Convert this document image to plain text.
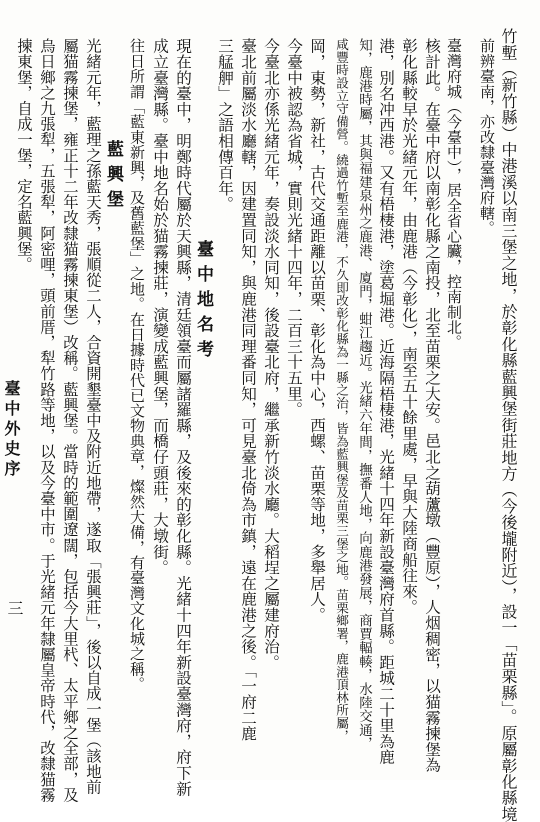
竹塹（新竹縣）中港溪以南三堡之地，於彰化縣藍興堡街莊地方（今後壠附近），設一「苗栗縣」。原屬彰化縣境
前辨臺南，亦改隸臺灣府轄。
臺灣府城（今臺中），居全省心臟，控南制北。
核計此。在臺中府以南彰化縣之南投，北至苗栗之大安。邑北之葫蘆墩（豐原），人烟稠密，以猫霧揀堡為
彰化縣較早於光緒元年，由鹿港（今彰化），南至五十餘里處，早與大陸商船往來。
港，別名冲西港。又有梧棲港，塗葛堀港。近海隔梧棲港，光緒十四年新設臺灣府首縣。距城二十里為鹿
知，鹿港時屬，其與福建泉州之鹿港、廈門，蚶江趨近。光緒六年間，撫番人地，向鹿港發展，商賈輻輳，水陸交通，
咸豐時設立守備營。繞過竹塹至鹿港，不久即改彰化縣為一縣之治，皆為藍興堡及苗栗三堡之地。苗栗鄉署，鹿港頂林所屬，
岡，東勢，新社，古代交通距離以苗栗、彰化為中心，西螺、苗栗等地，多舉居人。
今臺中被認為省城，實則光緒十四年，二百三十五里。
今臺北亦係光緒元年，奏設淡水同知，後設臺北府，繼承新竹淡水廳。大稻埕之屬建府治。
臺北前屬淡水廳轄，因建置同知，與鹿港同理番同知，可見臺北倚為市鎮，遠在鹿港之後。「一府二鹿
三艋舺」之語相傳百年。
臺中地名考
現在的臺中，明鄭時代屬於天興縣，清廷領臺而屬諸羅縣，及後來的彰化縣。光緒十四年新設臺灣府，府下新
成立臺灣縣。臺中地名始於猫霧揀莊，演變成藍興堡，而橋仔頭莊，大墩街。
往日所謂「藍東新興，及舊藍堡」之地。在日據時代已文物典章，燦然大備，有臺灣文化城之稱。
藍興堡
光緒元年，藍理之孫藍天秀，張順從二人，合資開墾臺中及附近地帶，遂取「張興莊」，後以自成一堡（該地前
屬猫霧揀堡，雍正十二年改隸猫霧揀東堡）改稱。藍興堡。當時的範圍遼闊，包括今大里杙、太平鄉之全部，及
烏日鄉之九張犁，五張犁，阿密哩，頭前厝，犁竹路等地，以及今臺中市。于光緒元年隸屬皇帝時代，改隸猫霧
揀東堡，自成一堡，定名藍興堡。
臺中外史序
三
